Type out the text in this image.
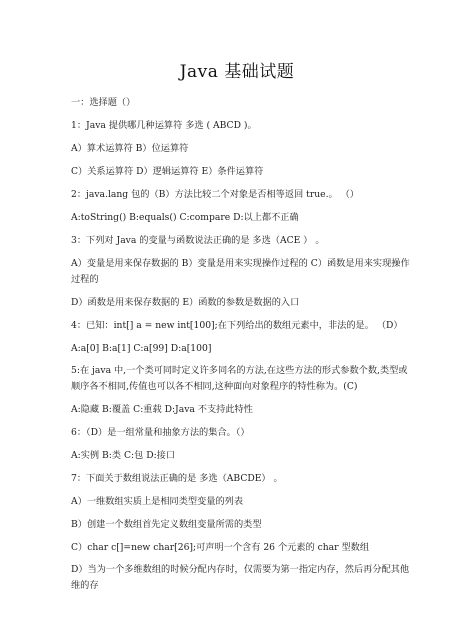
Java 基础试题
一：选择题（）
1：Java 提供哪几种运算符 多选 ( ABCD )。
A）算术运算符 B）位运算符
C）关系运算符 D）逻辑运算符 E）条件运算符
2：java.lang 包的（B）方法比较二个对象是否相等返回 true.。 （）
A:toString() B:equals() C:compare D:以上都不正确
3：下列对 Java 的变量与函数说法正确的是 多选（ACE ） 。
A）变量是用来保存数据的 B）变量是用来实现操作过程的 C）函数是用来实现操作过程的
D）函数是用来保存数据的 E）函数的参数是数据的入口
4：已知：int[] a = new int[100];在下列给出的数组元素中，非法的是。 （D）
A:a[0] B:a[1] C:a[99] D:a[100]
5:在 java 中,一个类可同时定义许多同名的方法,在这些方法的形式参数个数,类型或顺序各不相同,传值也可以各不相同,这种面向对象程序的特性称为。(C)
A:隐藏 B:覆盖 C:重载 D:Java 不支持此特性
6：（D）是一组常量和抽象方法的集合。（）
A:实例 B:类 C:包 D:接口
7：下面关于数组说法正确的是 多选（ABCDE） 。
A）一维数组实质上是相同类型变量的列表
B）创建一个数组首先定义数组变量所需的类型
C）char c[]=new char[26];可声明一个含有 26 个元素的 char 型数组
D）当为一个多维数组的时候分配内存时，仅需要为第一指定内存，然后再分配其他维的存
